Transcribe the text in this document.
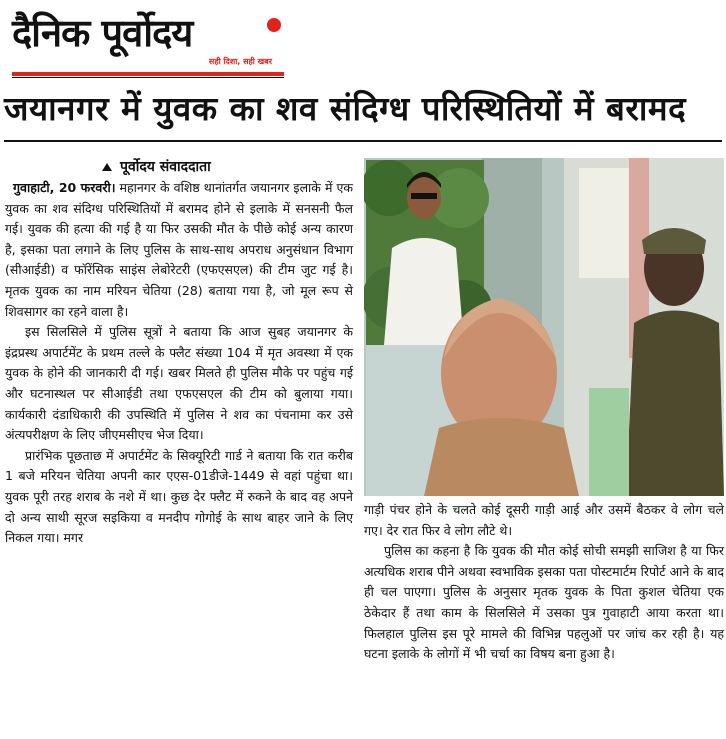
दैनिक पूर्वोदय
सही दिशा, सही खबर
जयानगर में युवक का शव संदिग्ध परिस्थितियों में बरामद
पूर्वोदय संवाददाता

गुवाहाटी, 20 फरवरी। महानगर के वशिष्ठ थानांतर्गत जयानगर इलाके में एक युवक का शव संदिग्ध परिस्थितियों में बरामद होने से इलाके में सनसनी फैल गई। युवक की हत्या की गई है या फिर उसकी मौत के पीछे कोई अन्य कारण है, इसका पता लगाने के लिए पुलिस के साथ-साथ अपराध अनुसंधान विभाग (सीआईडी) व फॉरेंसिक साइंस लेबोरेटरी (एफएसएल) की टीम जुट गई है। मृतक युवक का नाम मरियन चेतिया (28) बताया गया है, जो मूल रूप से शिवसागर का रहने वाला है।

इस सिलसिले में पुलिस सूत्रों ने बताया कि आज सुबह जयानगर के इंद्रप्रस्थ अपार्टमेंट के प्रथम तल्ले के फ्लैट संख्या 104 में मृत अवस्था में एक युवक के होने की जानकारी दी गई। खबर मिलते ही पुलिस मौके पर पहुंच गई और घटनास्थल पर सीआईडी तथा एफएसएल की टीम को बुलाया गया। कार्यकारी दंडाधिकारी की उपस्थिति में पुलिस ने शव का पंचनामा कर उसे अंत्यपरीक्षण के लिए जीएमसीएच भेज दिया।

प्रारंभिक पूछताछ में अपार्टमेंट के सिक्यूरिटी गार्ड ने बताया कि रात करीब 1 बजे मरियन चेतिया अपनी कार एएस-01डीजे-1449 से वहां पहुंचा था। युवक पूरी तरह शराब के नशे में था। कुछ देर फ्लैट में रुकने के बाद वह अपने दो अन्य साथी सूरज सइकिया व मनदीप गोगोई के साथ बाहर जाने के लिए निकल गया। मगर

गाड़ी पंचर होने के चलते कोई दूसरी गाड़ी आई और उसमें बैठकर वे लोग चले गए। देर रात फिर वे लोग लौटे थे।

पुलिस का कहना है कि युवक की मौत कोई सोची समझी साजिश है या फिर अत्यधिक शराब पीने अथवा स्वभाविक इसका पता पोस्टमार्टम रिपोर्ट आने के बाद ही चल पाएगा। पुलिस के अनुसार मृतक युवक के पिता कुशल चेतिया एक ठेकेदार हैं तथा काम के सिलसिले में उसका पुत्र गुवाहाटी आया करता था। फिलहाल पुलिस इस पूरे मामले की विभिन्न पहलुओं पर जांच कर रही है। यह घटना इलाके के लोगों में भी चर्चा का विषय बना हुआ है।
